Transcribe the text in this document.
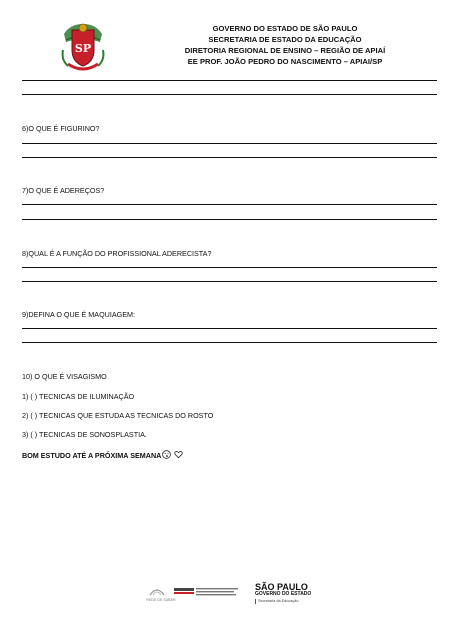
SP
GOVERNO DO ESTADO DE SÃO PAULO
SECRETARIA DE ESTADO DA EDUCAÇÃO
DIRETORIA REGIONAL DE ENSINO – REGIÃO DE APIAÍ
EE PROF. JOÃO PEDRO DO NASCIMENTO – APIAI/SP
6)O QUE É FIGURINO?
7)O QUE É ADEREÇOS?
8)QUAL É A FUNÇÃO DO PROFISSIONAL ADERECISTA?
9)DEFINA O QUE É MAQUIAGEM:
10) O QUE É VISAGISMO
1) ( ) TECNICAS DE ILUMINAÇÃO
2) ( ) TECNICAS QUE ESTUDA AS TECNICAS DO ROSTO
3) ( ) TECNICAS DE SONOSPLASTIA.
BOM ESTUDO ATÉ A PRÓXIMA SEMANA
REDE DE SABER
SÃO PAULO
GOVERNO DO ESTADO
Secretaria da Educação
